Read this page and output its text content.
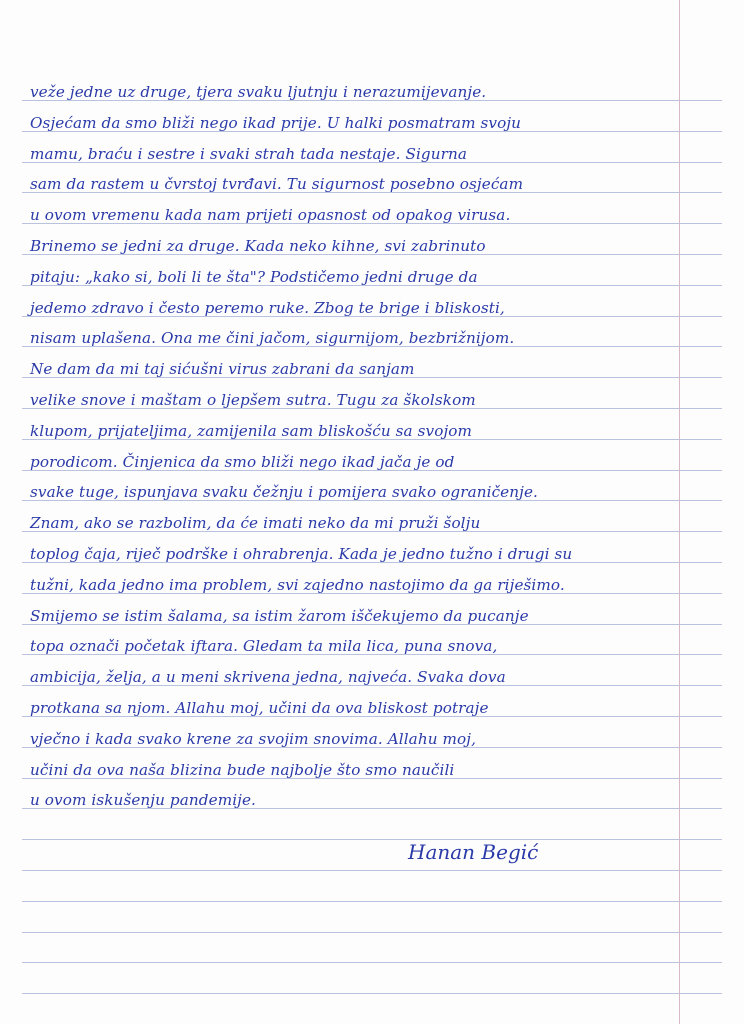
veže jedne uz druge, tjera svaku ljutnju i nerazumijevanje.
Osjećam da smo bliži nego ikad prije. U halki posmatram svoju
mamu, braću i sestre i svaki strah tada nestaje. Sigurna
sam da rastem u čvrstoj tvrđavi. Tu sigurnost posebno osjećam
u ovom vremenu kada nam prijeti opasnost od opakog virusa.
Brinemo se jedni za druge. Kada neko kihne, svi zabrinuto
pitaju: „kako si, boli li te šta"? Podstičemo jedni druge da
jedemo zdravo i često peremo ruke. Zbog te brige i bliskosti,
nisam uplašena. Ona me čini jačom, sigurnijom, bezbrižnijom.
Ne dam da mi taj sićušni virus zabrani da sanjam
velike snove i maštam o ljepšem sutra. Tugu za školskom
klupom, prijateljima, zamijenila sam bliskošću sa svojom
porodicom. Činjenica da smo bliži nego ikad jača je od
svake tuge, ispunjava svaku čežnju i pomijera svako ograničenje.
Znam, ako se razbolim, da će imati neko da mi pruži šolju
toplog čaja, riječ podrške i ohrabrenja. Kada je jedno tužno i drugi su
tužni, kada jedno ima problem, svi zajedno nastojimo da ga riješimo.
Smijemo se istim šalama, sa istim žarom iščekujemo da pucanje
topa označi početak iftara. Gledam ta mila lica, puna snova,
ambicija, želja, a u meni skrivena jedna, najveća. Svaka dova
protkana sa njom. Allahu moj, učini da ova bliskost potraje
vječno i kada svako krene za svojim snovima. Allahu moj,
učini da ova naša blizina bude najbolje što smo naučili
u ovom iskušenju pandemije.
Hanan Begić
